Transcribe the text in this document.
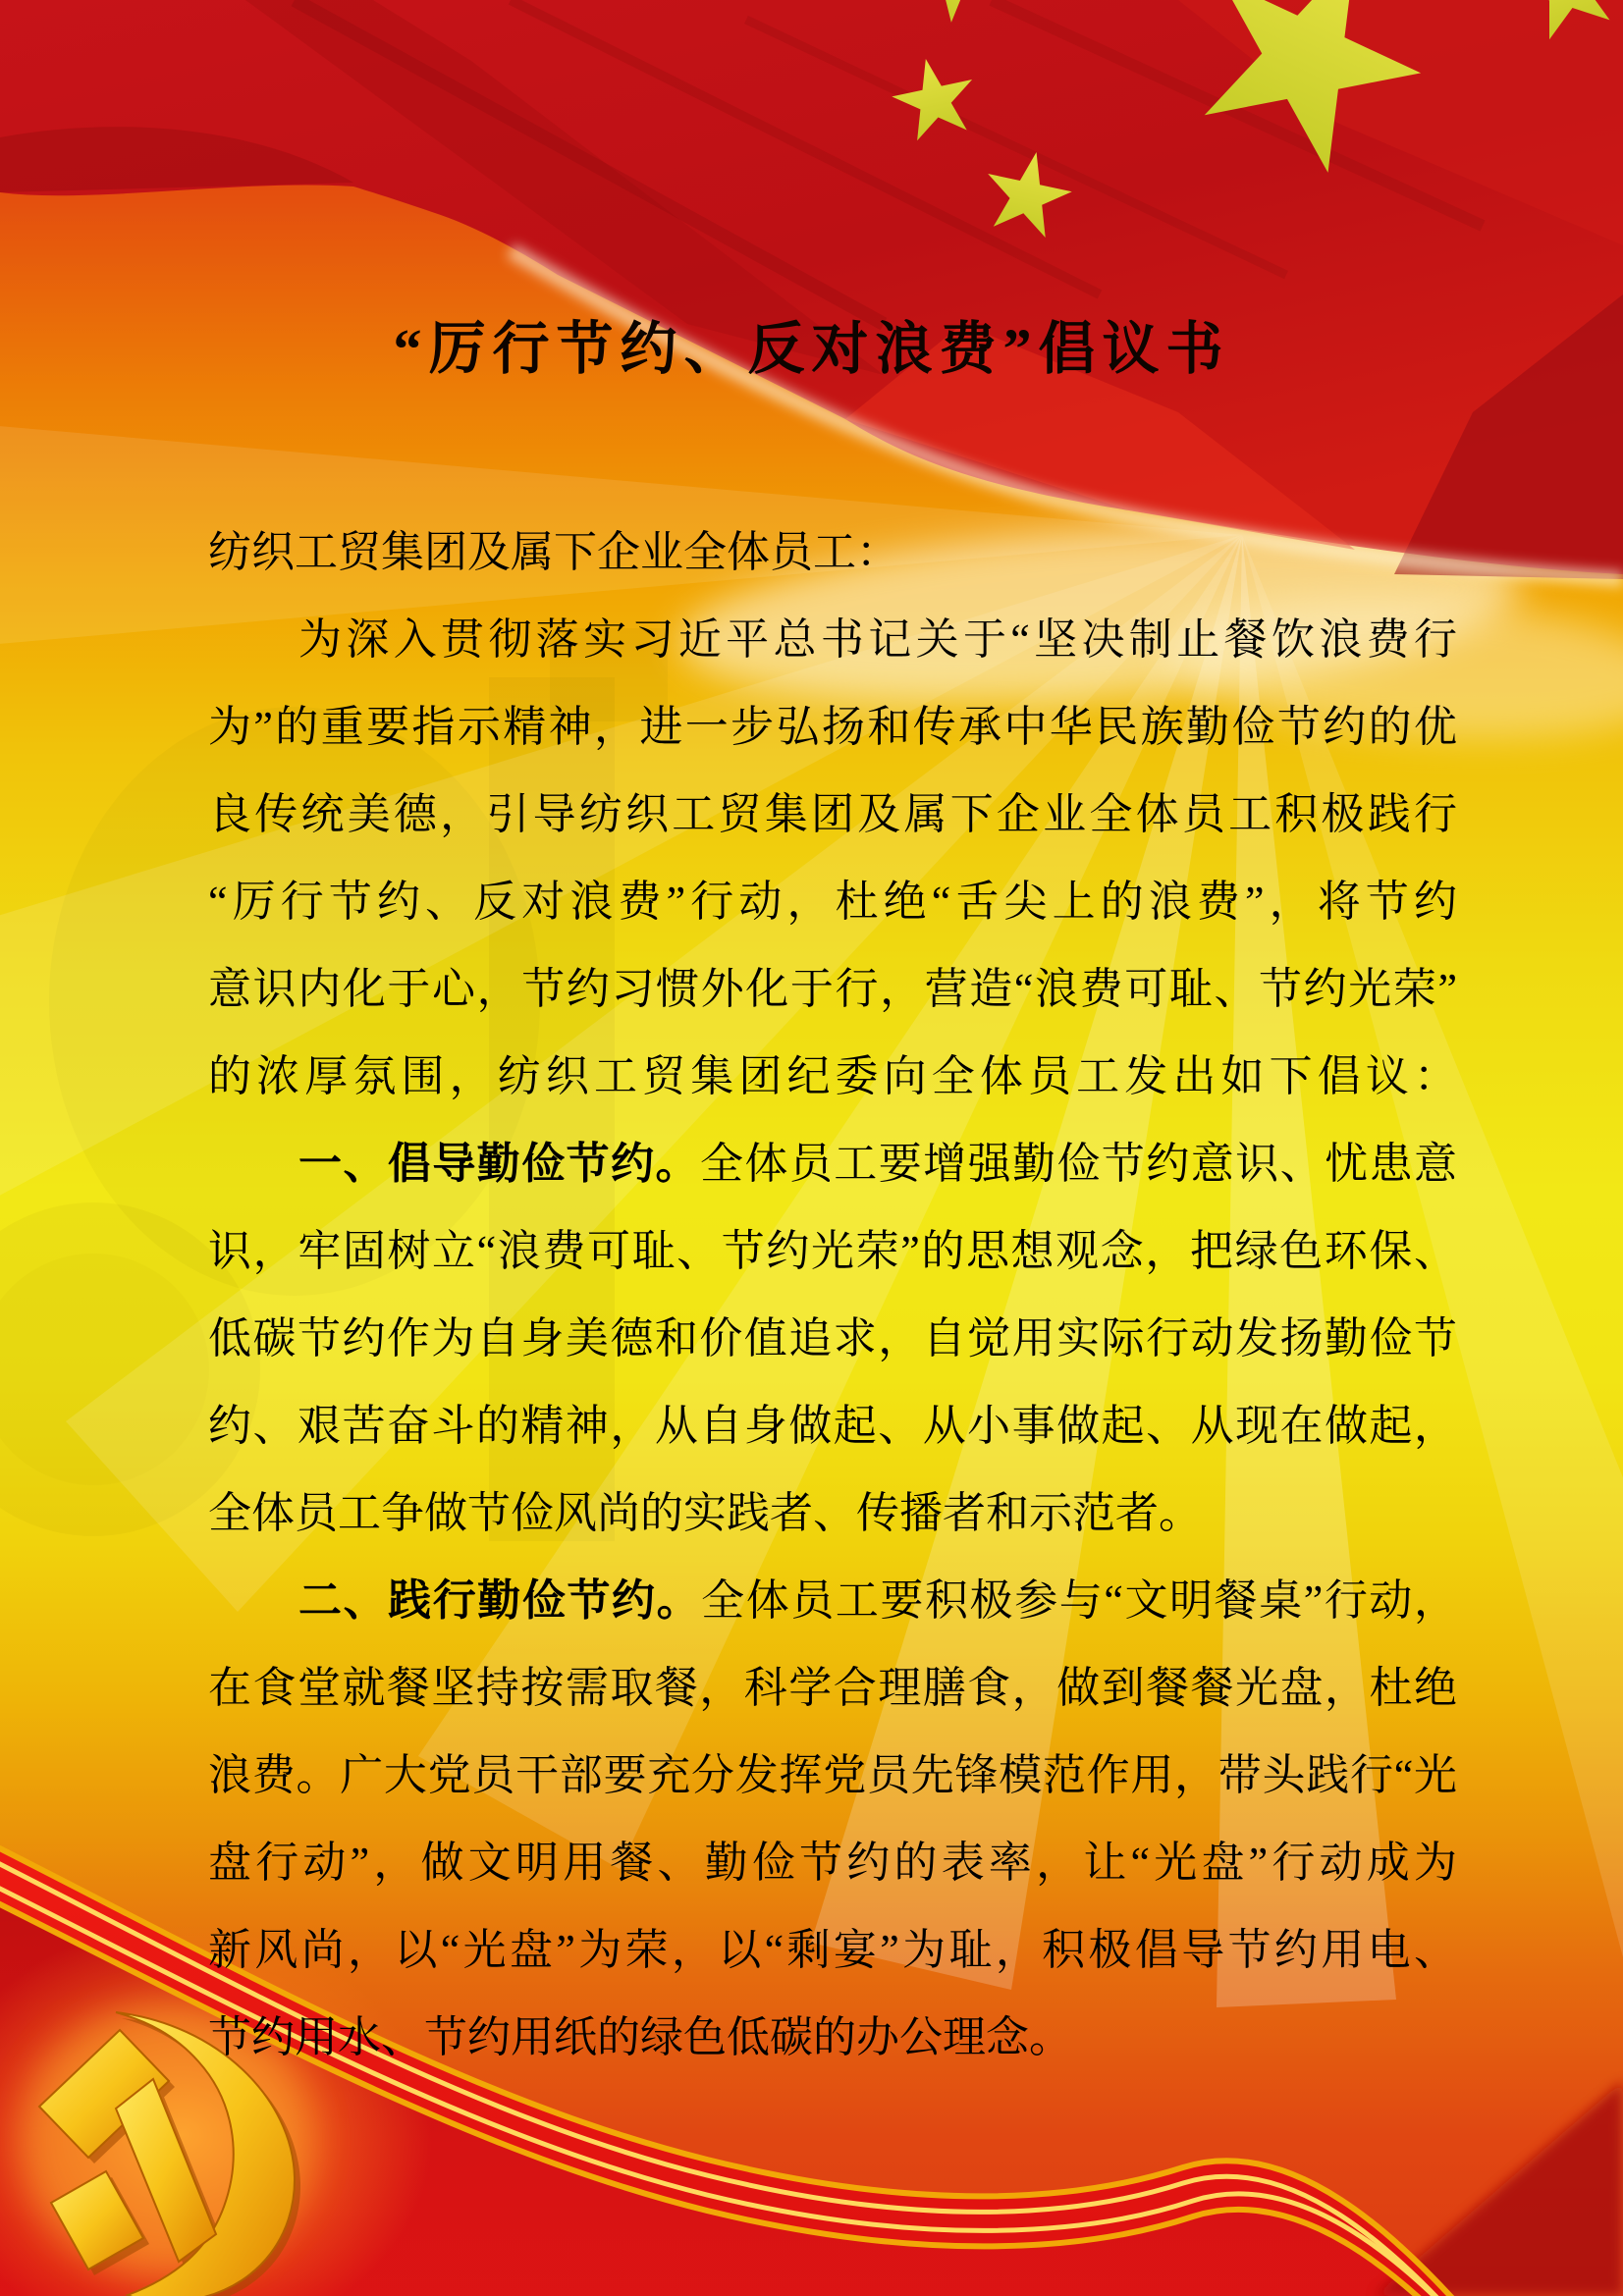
“厉行节约、反对浪费”倡议书
纺织工贸集团及属下企业全体员工：
为深入贯彻落实习近平总书记关于“坚决制止餐饮浪费行
为”的重要指示精神，进一步弘扬和传承中华民族勤俭节约的优
良传统美德，引导纺织工贸集团及属下企业全体员工积极践行
“厉行节约、反对浪费”行动，杜绝“舌尖上的浪费”，将节约
意识内化于心，节约习惯外化于行，营造“浪费可耻、节约光荣”
的浓厚氛围，纺织工贸集团纪委向全体员工发出如下倡议：
一、倡导勤俭节约。全体员工要增强勤俭节约意识、忧患意
识，牢固树立“浪费可耻、节约光荣”的思想观念，把绿色环保、
低碳节约作为自身美德和价值追求，自觉用实际行动发扬勤俭节
约、艰苦奋斗的精神，从自身做起、从小事做起、从现在做起，
全体员工争做节俭风尚的实践者、传播者和示范者。
二、践行勤俭节约。全体员工要积极参与“文明餐桌”行动，
在食堂就餐坚持按需取餐，科学合理膳食，做到餐餐光盘，杜绝
浪费。广大党员干部要充分发挥党员先锋模范作用，带头践行“光
盘行动”，做文明用餐、勤俭节约的表率，让“光盘”行动成为
新风尚，以“光盘”为荣，以“剩宴”为耻，积极倡导节约用电、
节约用水、节约用纸的绿色低碳的办公理念。
